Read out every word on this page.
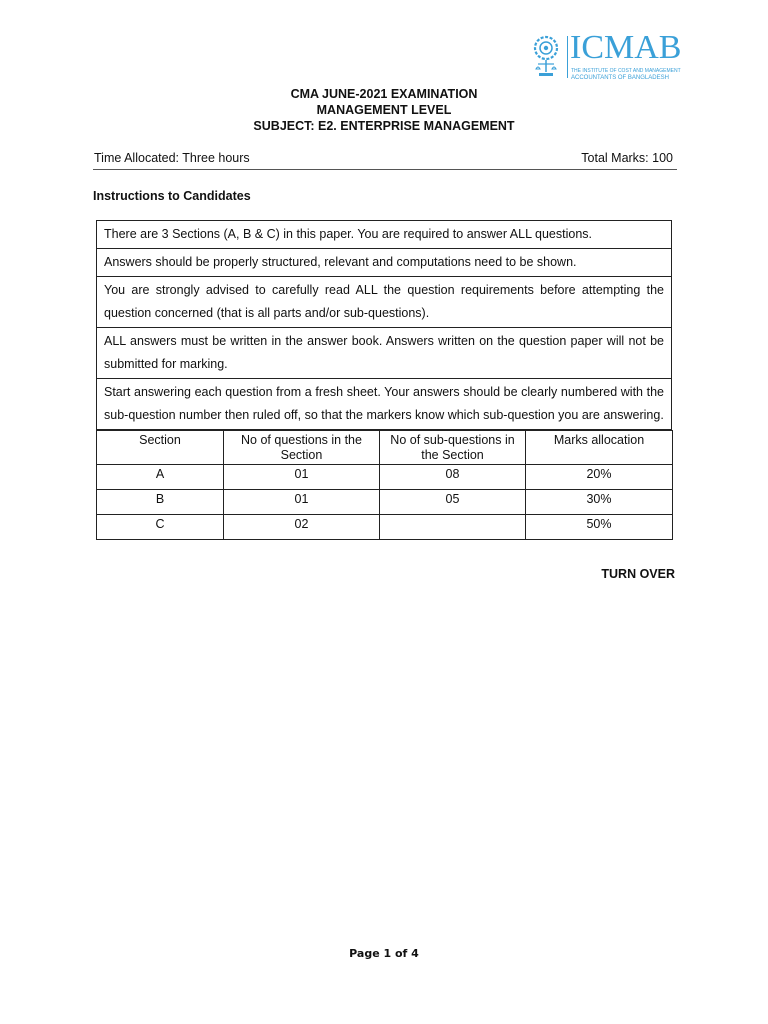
ICMAB
THE INSTITUTE OF COST AND MANAGEMENT
ACCOUNTANTS OF BANGLADESH
CMA JUNE-2021 EXAMINATION
MANAGEMENT LEVEL
SUBJECT: E2. ENTERPRISE MANAGEMENT
Time Allocated: Three hours	Total Marks: 100
Instructions to Candidates
There are 3 Sections (A, B & C) in this paper. You are required to answer ALL questions.
Answers should be properly structured, relevant and computations need to be shown.
You are strongly advised to carefully read ALL the question requirements before attempting the question concerned (that is all parts and/or sub-questions).
ALL answers must be written in the answer book. Answers written on the question paper will not be submitted for marking.
Start answering each question from a fresh sheet. Your answers should be clearly numbered with the sub-question number then ruled off, so that the markers know which sub-question you are answering.
Section	No of questions in the Section	No of sub-questions in the Section	Marks allocation
A	01	08	20%
B	01	05	30%
C	02		50%
TURN OVER
Page 1 of 4
